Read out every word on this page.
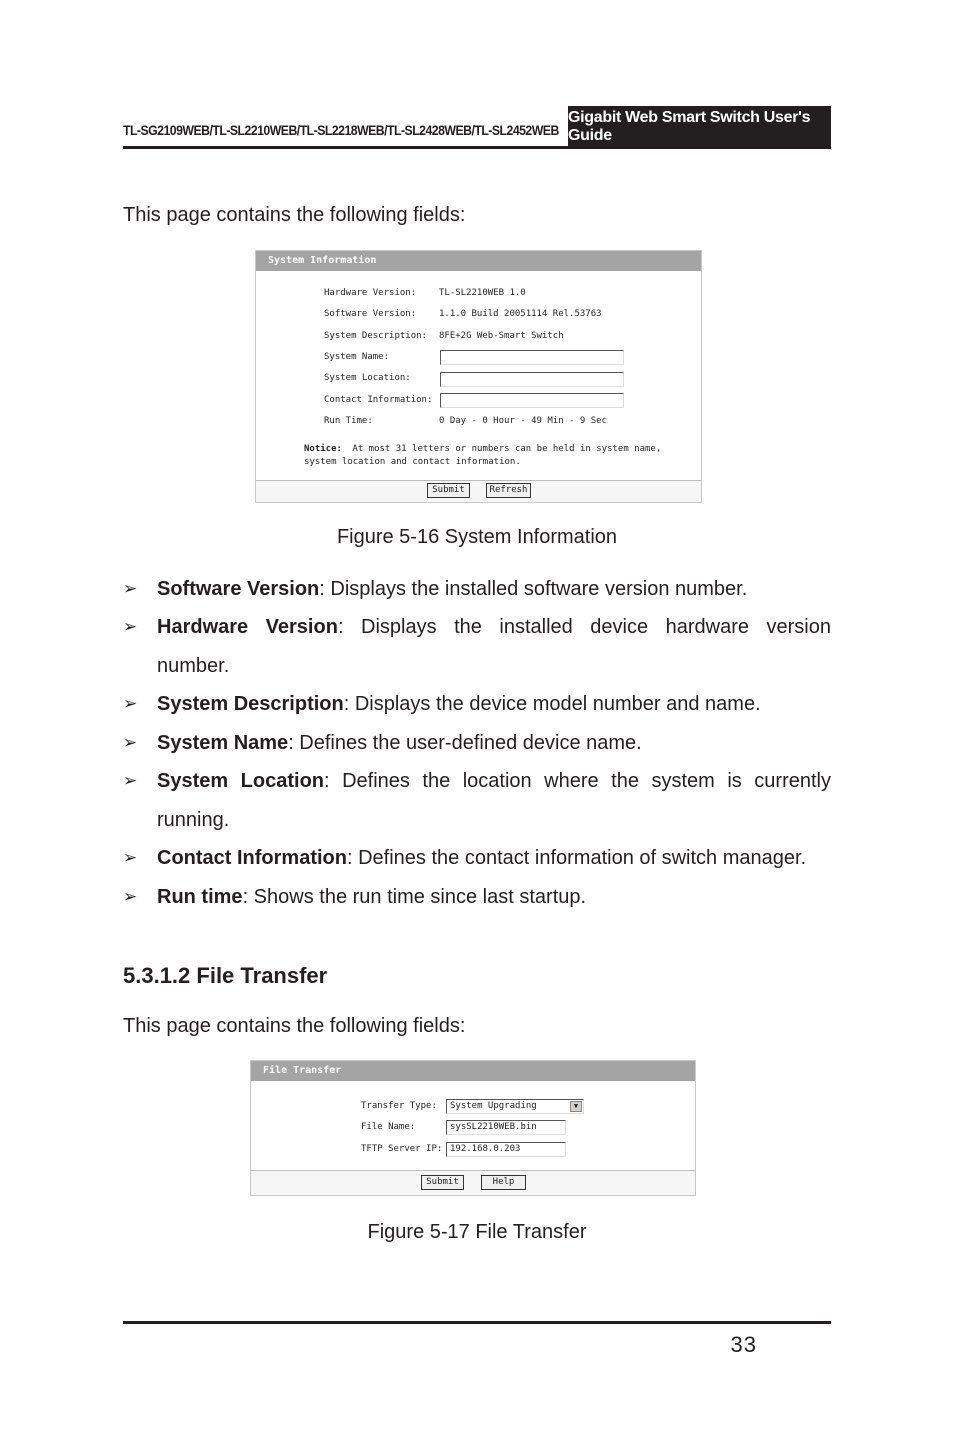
TL-SG2109WEB/TL-SL2210WEB/TL-SL2218WEB/TL-SL2428WEB/TL-SL2452WEB
Gigabit Web Smart Switch User's Guide
This page contains the following fields:
System Information
Hardware Version:	TL-SL2210WEB 1.0
Software Version:	1.1.0 Build 20051114 Rel.53763
System Description: 8FE+2G Web-Smart Switch
System Name:
System Location:
Contact Information:
Run Time:	0 Day - 0 Hour - 49 Min - 9 Sec
Notice: At most 31 letters or numbers can be held in system name,
system location and contact information.
Submit	Refresh
Figure 5-16 System Information
➢ Software Version: Displays the installed software version number.
➢ Hardware Version: Displays the installed device hardware version
number.
➢ System Description: Displays the device model number and name.
➢ System Name: Defines the user-defined device name.
➢ System Location: Defines the location where the system is currently
running.
➢ Contact Information: Defines the contact information of switch manager.
➢ Run time: Shows the run time since last startup.
5.3.1.2 File Transfer
This page contains the following fields:
File Transfer
Transfer Type:	System Upgrading	▼
File Name:	sysSL2210WEB.bin
TFTP Server IP: 192.168.0.203
Submit	Help
Figure 5-17 File Transfer
33
